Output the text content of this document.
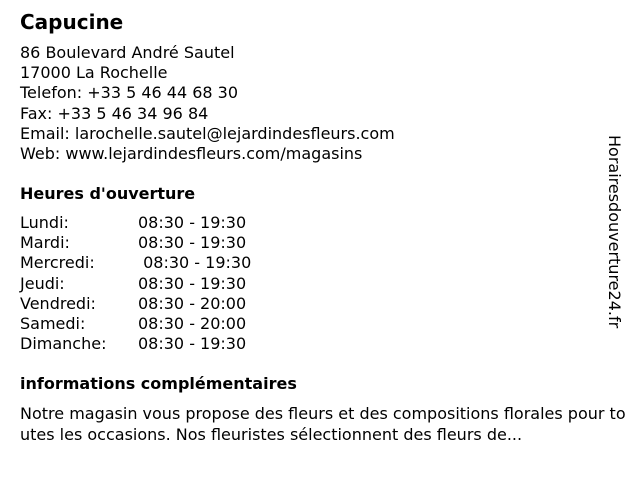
Capucine
86 Boulevard André Sautel
17000 La Rochelle
Telefon: +33 5 46 44 68 30
Fax: +33 5 46 34 96 84
Email: larochelle.sautel@lejardindesfleurs.com
Web: www.lejardindesfleurs.com/magasins
Heures d'ouverture
Lundi:	08:30 - 19:30
Mardi:	08:30 - 19:30
Mercredi:	08:30 - 19:30
Jeudi:	08:30 - 19:30
Vendredi:	08:30 - 20:00
Samedi:	08:30 - 20:00
Dimanche:	08:30 - 19:30
informations complémentaires

Notre magasin vous propose des fleurs et des compositions florales pour toutes les occasions. Nos fleuristes sélectionnent des fleurs de...

Horairesdouverture24.fr
